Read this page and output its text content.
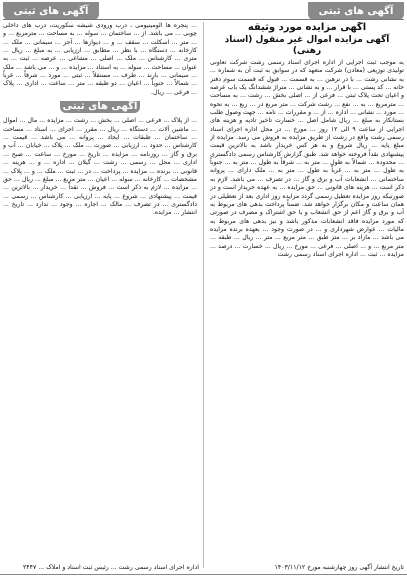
آگهی های ثبتی	آگهی های ثبتی
آگهی مزایده مورد وثیقه
آگهی مزایده اموال غیر منقول (اسناد رهنی)
به موجب ثبت اجرایی از اداره اجرای اسناد رسمی رشت شرکت تعاونی تولیدی توزیعی (معادن) شرکت متعهد که در سوابق به ثبت آن به شماره ... به نشانی رشت ... با در ترهین ... به قسمت ... قبول که قسمت سوم دفتر خانه ... کد پستی ... با قرار ... و به نشانی ... متراژ ششدانگ یک باب عرصه و اعیان تحت پلاک ثبتی ... فرعی از ... اصلی بخش ... رشت ... به مساحت ... مترمربع ... به ... نفع ... رشت شرکت ... متر مربع در ... ربع ... به نحوه ... مورد ... نشانی ... اداره ... از ... و مقررات ... نامه ... جهت وصول طلب بستانکار به مبلغ ... ریال شامل اصل ... خسارت تاخیر تادیه و هزینه های اجرایی از ساعت ۹ الی ۱۲ روز ... مورخ ... در محل اداره اجرای اسناد رسمی رشت واقع در رشت از طریق مزایده به فروش می رسد. مزایده از مبلغ پایه ... ریال شروع و به هر کس خریدار باشد به بالاترین قیمت پیشنهادی نقداً فروخته خواهد شد. طبق گزارش کارشناس رسمی دادگستری ... محدوده ... شمالاً به طول ... متر به ... شرقاً به طول ... متر به ... جنوباً به طول ... متر به ... غرباً به طول ... متر به ... ملک دارای ... پروانه ساختمانی ... انشعابات آب و برق و گاز ... در تصرف ... می باشد. لازم به ذکر است ... هزینه های قانونی ... حق مزایده ... به عهده خریدار است و در صورتیکه روز مزایده تعطیل رسمی گردد مزایده روز اداری بعد از تعطیلی در همان ساعت و مکان برگزار خواهد شد. ضمناً پرداخت بدهی های مربوط به آب و برق و گاز اعم از حق انشعاب و یا حق اشتراک و مصرف در صورتی که مورد مزایده فاقد انشعابات مذکور باشد و نیز بدهی های مربوط به مالیات ... عوارض شهرداری و ... در صورت وجود ... بعهده برنده مزایده می باشد ... مازاد بر ... متر طبق ... متر مربع ... متر ... ریال ... طبقه ... متر مربع ... و ... اصلی ... فرعی ... مورخ ... ریال ... خسارت ... درصد ... مزایده ... ثبت ... اداره اجرای اسناد رسمی رشت
... پنجره ها آلومینیومی ، درب ورودی شیشه سکوریت، درب های داخلی چوبی ... می باشد. از ... ساختمان ... سوله ... به مساحت ... مترمربع ... و ... متر ... اسکلت ... سقف ... و ... دیوارها ... آجر ... سیمانی ... ملک ... کارخانه ... دستگاه ... با نظر ... مطابق ... ارزیابی ... به مبلغ ... ریال ... متری ... کارشناس ... ملک ... اصلی ... مشاعی ... عرصه ... ثبت ... به عنوان ... مساحت ... سوله ... به استناد ... مزایده ... و ... می باشد ... ملک ... سیمانی ... بارند ... طرف ... مستقلاً ... ثبتی ... مورد ... شرقاً ... غرباً ... شمالاً ... جنوباً ... اعیان ... دو طبقه ... متر ... ساعت ... اداری ... پلاک ... فرعی ... ریال.
آگهی های ثبتی
... از پلاک ... فرعی ... اصلی ... بخش ... رشت ... مزایده ... مال ... اموال ... ماشین آلات ... دستگاه ... ریال ... مقرر ... اجرای ... اسناد ... مساحت ... ساختمان ... طبقات ... ایجاد ... پروانه ... می باشد ... قیمت ... کارشناس ... حدود ... ارزیابی ... صورت ... ملک ... پلاک ... خیابان ... آب و برق و گاز ... روزنامه ... مزایده ... تاریخ ... مورخ ... ساعت ... صبح ... اداری ... محل ... رسمی ... رشت ... گیلان ... اداره ... و ... هزینه ... قانونی ... برنده ... مزایده ... پرداخت ... در ... ثبت ... ملک ... و ... پلاک ... مشخصات ... کارخانه ... سوله ... اعیان ... متر مربع ... مبلغ ... ریال ... حق ... مزایده ... لازم به ذکر است ... فروش ... نقداً ... خریدار ... بالاترین ... قیمت ... پیشنهادی ... شروع ... پایه ... ارزیابی ... کارشناس ... رسمی ... دادگستری ... در تصرف ... مالک ... اجاره ... وجود ... ندارد ... تاریخ ... انتشار ... مزایده.
تاریخ انتشار آگهی روز چهارشنبه مورخ ۱۴۰۳/۱۱/۱۲
اداره اجرای اسناد رسمی رشت ... رئیس ثبت اسناد و املاک ... ۲۴۴۷
